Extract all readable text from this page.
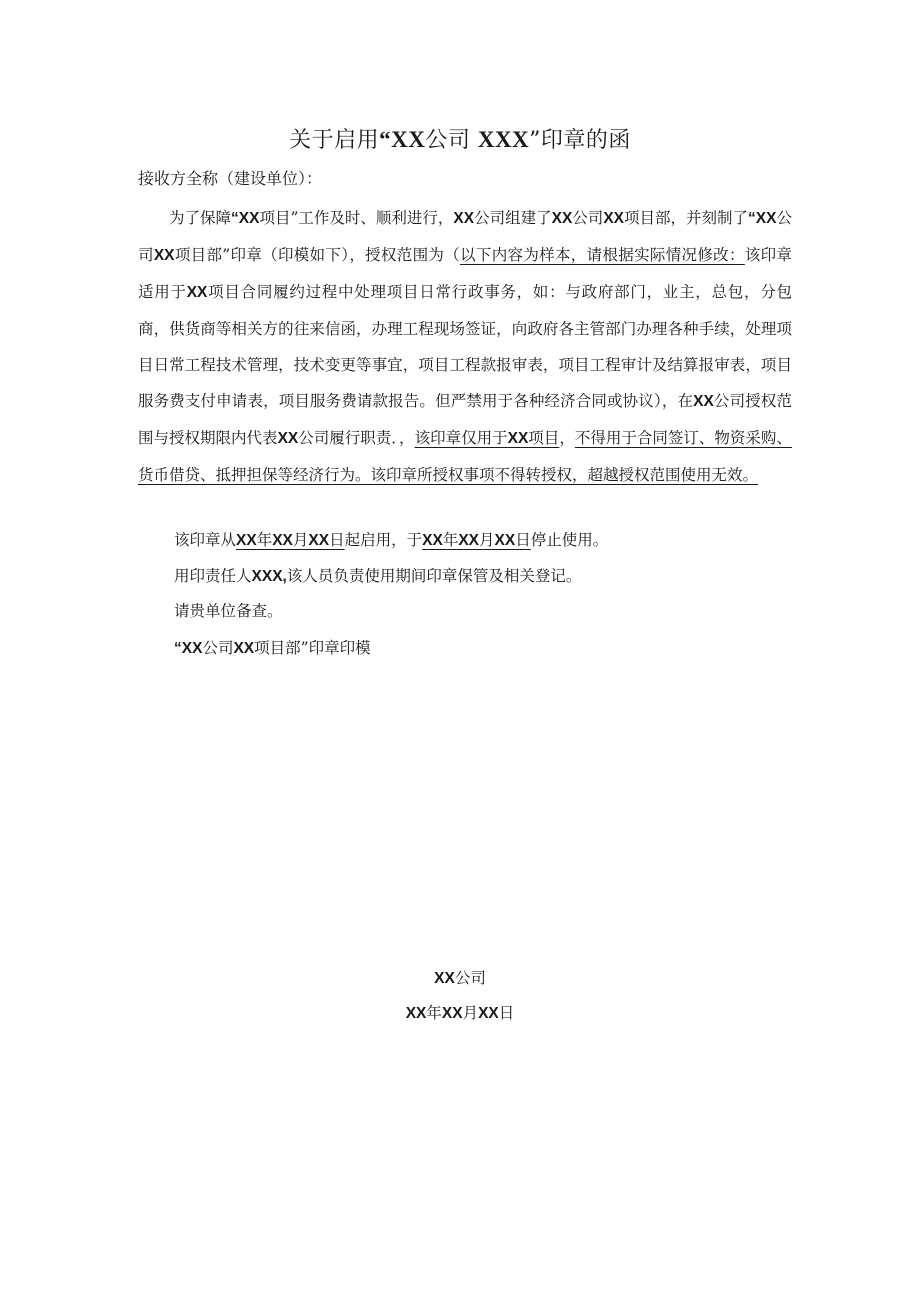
关于启用“XX公司 XXX”印章的函
接收方全称（建设单位）：
为了保障“XX项目”工作及时、顺利进行，XX公司组建了XX公司XX项目部，并刻制了“XX公司XX项目部”印章（印模如下），授权范围为（以下内容为样本，请根据实际情况修改：该印章适用于XX项目合同履约过程中处理项目日常行政事务，如：与政府部门，业主，总包，分包商，供货商等相关方的往来信函，办理工程现场签证，向政府各主管部门办理各种手续，处理项目日常工程技术管理，技术变更等事宜，项目工程款报审表，项目工程审计及结算报审表，项目服务费支付申请表，项目服务费请款报告。但严禁用于各种经济合同或协议），在XX公司授权范围与授权期限内代表XX公司履行职责．，该印章仅用于XX项目，不得用于合同签订、物资采购、货币借贷、抵押担保等经济行为。该印章所授权事项不得转授权，超越授权范围使用无效。
该印章从XX年XX月XX日起启用，于XX年XX月XX日停止使用。
用印责任人XXX,该人员负责使用期间印章保管及相关登记。
请贵单位备查。
“XX公司XX项目部”印章印模
XX公司
XX年XX月XX日
